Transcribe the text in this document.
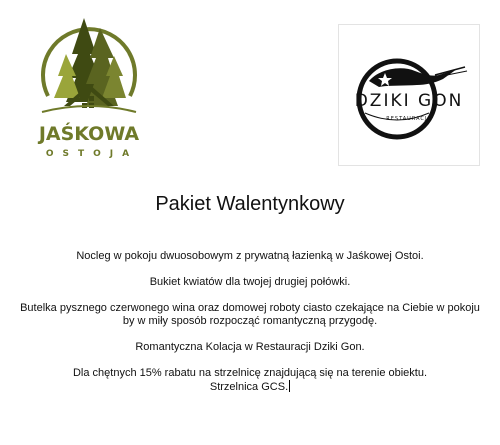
JAŚKOWA
OSTOJA
DZIKI GON
RESTAURACJA
Pakiet Walentynkowy

Nocleg w pokoju dwuosobowym z prywatną łazienką w Jaśkowej Ostoi.

Bukiet kwiatów dla twojej drugiej połówki.

Butelka pysznego czerwonego wina oraz domowej roboty ciasto czekające na Ciebie w pokoju by w miły sposób rozpocząć romantyczną przygodę.

Romantyczna Kolacja w Restauracji Dziki Gon.

Dla chętnych 15% rabatu na strzelnicę znajdującą się na terenie obiektu.
Strzelnica GCS.
